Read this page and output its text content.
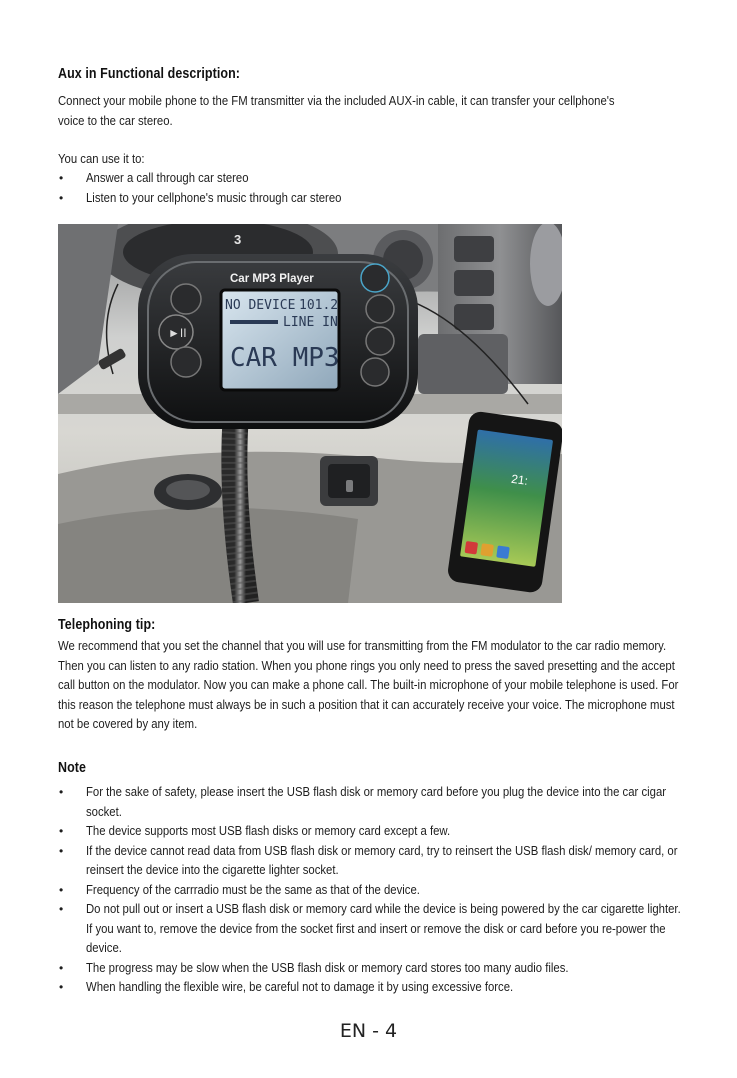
Aux in Functional description:

Connect your mobile phone to the FM transmitter via the included AUX-in cable, it can transfer your cellphone's voice to the car stereo.

You can use it to:

• Answer a call through car stereo
• Listen to your cellphone's music through car stereo
3
►II
Car MP3 Player
NO DEVICE 101.2
LINE IN
CAR MP3
21:
Telephoning tip:

We recommend that you set the channel that you will use for transmitting from the FM modulator to the car radio memory. Then you can listen to any radio station. When you phone rings you only need to press the saved presetting and the accept call button on the modulator. Now you can make a phone call. The built-in microphone of your mobile telephone is used. For this reason the telephone must always be in such a position that it can accurately receive your voice. The microphone must not be covered by any item.

Note
• For the sake of safety, please insert the USB flash disk or memory card before you plug the device into the car cigar socket.
• The device supports most USB flash disks or memory card except a few.
• If the device cannot read data from USB flash disk or memory card, try to reinsert the USB flash disk/ memory card, or reinsert the device into the cigarette lighter socket.
• Frequency of the carrradio must be the same as that of the device.
• Do not pull out or insert a USB flash disk or memory card while the device is being powered by the car cigarette lighter. If you want to, remove the device from the socket first and insert or remove the disk or card before you re-power the device.
• The progress may be slow when the USB flash disk or memory card stores too many audio files.
• When handling the flexible wire, be careful not to damage it by using excessive force.
EN - 4
